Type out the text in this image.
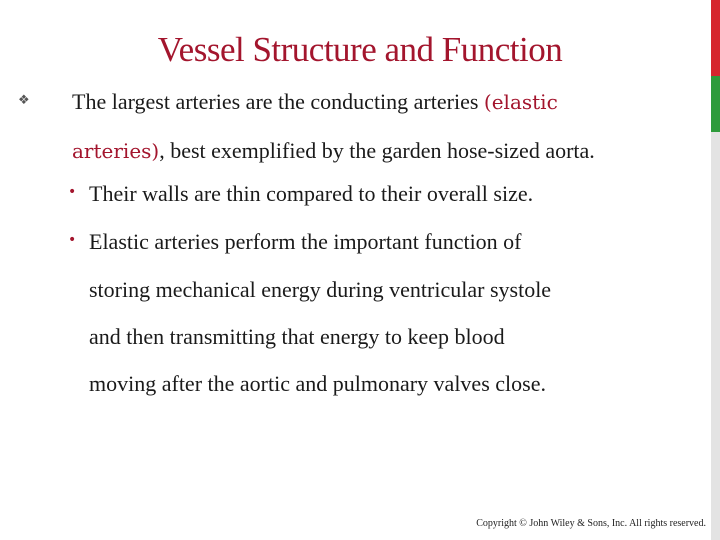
Vessel Structure and Function
❖ The largest arteries are the conducting arteries (elastic
arteries), best exemplified by the garden hose-sized aorta.
• Their walls are thin compared to their overall size.
• Elastic arteries perform the important function of
storing mechanical energy during ventricular systole
and then transmitting that energy to keep blood
moving after the aortic and pulmonary valves close.
Copyright © John Wiley & Sons, Inc. All rights reserved.
